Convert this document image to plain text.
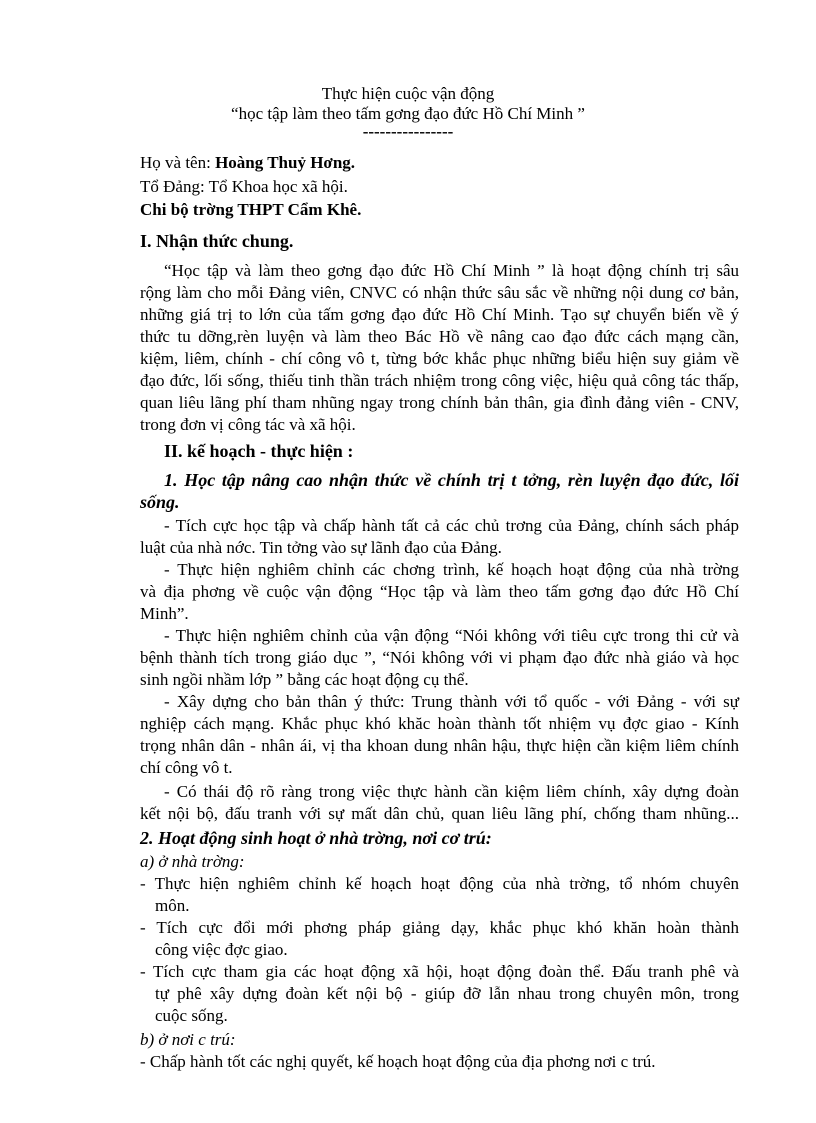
Thực hiện cuộc vận động
“học tập làm theo tấm gơng đạo đức Hồ Chí Minh ”
----------------
Họ và tên: Hoàng Thuỷ Hơng.
Tổ Đảng: Tổ Khoa học xã hội.
Chi bộ trờng THPT Cẩm Khê.
I. Nhận thức chung.
“Học tập và làm theo gơng đạo đức Hồ Chí Minh ” là hoạt động chính trị sâu
rộng làm cho mỗi Đảng viên, CNVC có nhận thức sâu sắc về những nội dung cơ bản,
những giá trị to lớn của tấm gơng đạo đức Hồ Chí Minh. Tạo sự chuyển biến về ý
thức tu dỡng,rèn luyện và làm theo Bác Hồ về nâng cao đạo đức cách mạng cần,
kiệm, liêm, chính - chí công vô t, từng bớc khắc phục những biểu hiện suy giảm về
đạo đức, lối sống, thiếu tinh thần trách nhiệm trong công việc, hiệu quả công tác thấp,
quan liêu lãng phí tham nhũng ngay trong chính bản thân, gia đình đảng viên - CNV,
trong đơn vị công tác và xã hội.
II. kế hoạch - thực hiện :
1. Học tập nâng cao nhận thức về chính trị t tởng, rèn luyện đạo đức, lối
sống.
- Tích cực học tập và chấp hành tất cả các chủ trơng của Đảng, chính sách pháp
luật của nhà nớc. Tin tởng vào sự lãnh đạo của Đảng.
- Thực hiện nghiêm chỉnh các chơng trình, kế hoạch hoạt động của nhà trờng
và địa phơng về cuộc vận động “Học tập và làm theo tấm gơng đạo đức Hồ Chí
Minh”.
- Thực hiện nghiêm chỉnh của vận động “Nói không với tiêu cực trong thi cử và
bệnh thành tích trong giáo dục ”, “Nói không với vi phạm đạo đức nhà giáo và học
sinh ngồi nhầm lớp ” bằng các hoạt động cụ thể.
- Xây dựng cho bản thân ý thức: Trung thành với tổ quốc - với Đảng - với sự
nghiệp cách mạng. Khắc phục khó khăc hoàn thành tốt nhiệm vụ đợc giao - Kính
trọng nhân dân - nhân ái, vị tha khoan dung nhân hậu, thực hiện cần kiệm liêm chính
chí công vô t.
- Có thái độ rõ ràng trong việc thực hành cần kiệm liêm chính, xây dựng đoàn
kết nội bộ, đấu tranh với sự mất dân chủ, quan liêu lãng phí, chống tham nhũng...
2. Hoạt động sinh hoạt ở nhà trờng, nơi cơ trú:
a) ở nhà trờng:
- Thực hiện nghiêm chỉnh kế hoạch hoạt động của nhà trờng, tổ nhóm chuyên
môn.
- Tích cực đổi mới phơng pháp giảng dạy, khắc phục khó khăn hoàn thành
công việc đợc giao.
- Tích cực tham gia các hoạt động xã hội, hoạt động đoàn thể. Đấu tranh phê và
tự phê xây dựng đoàn kết nội bộ - giúp đỡ lẫn nhau trong chuyên môn, trong
cuộc sống.
b) ở nơi c trú:
- Chấp hành tốt các nghị quyết, kế hoạch hoạt động của địa phơng nơi c trú.
